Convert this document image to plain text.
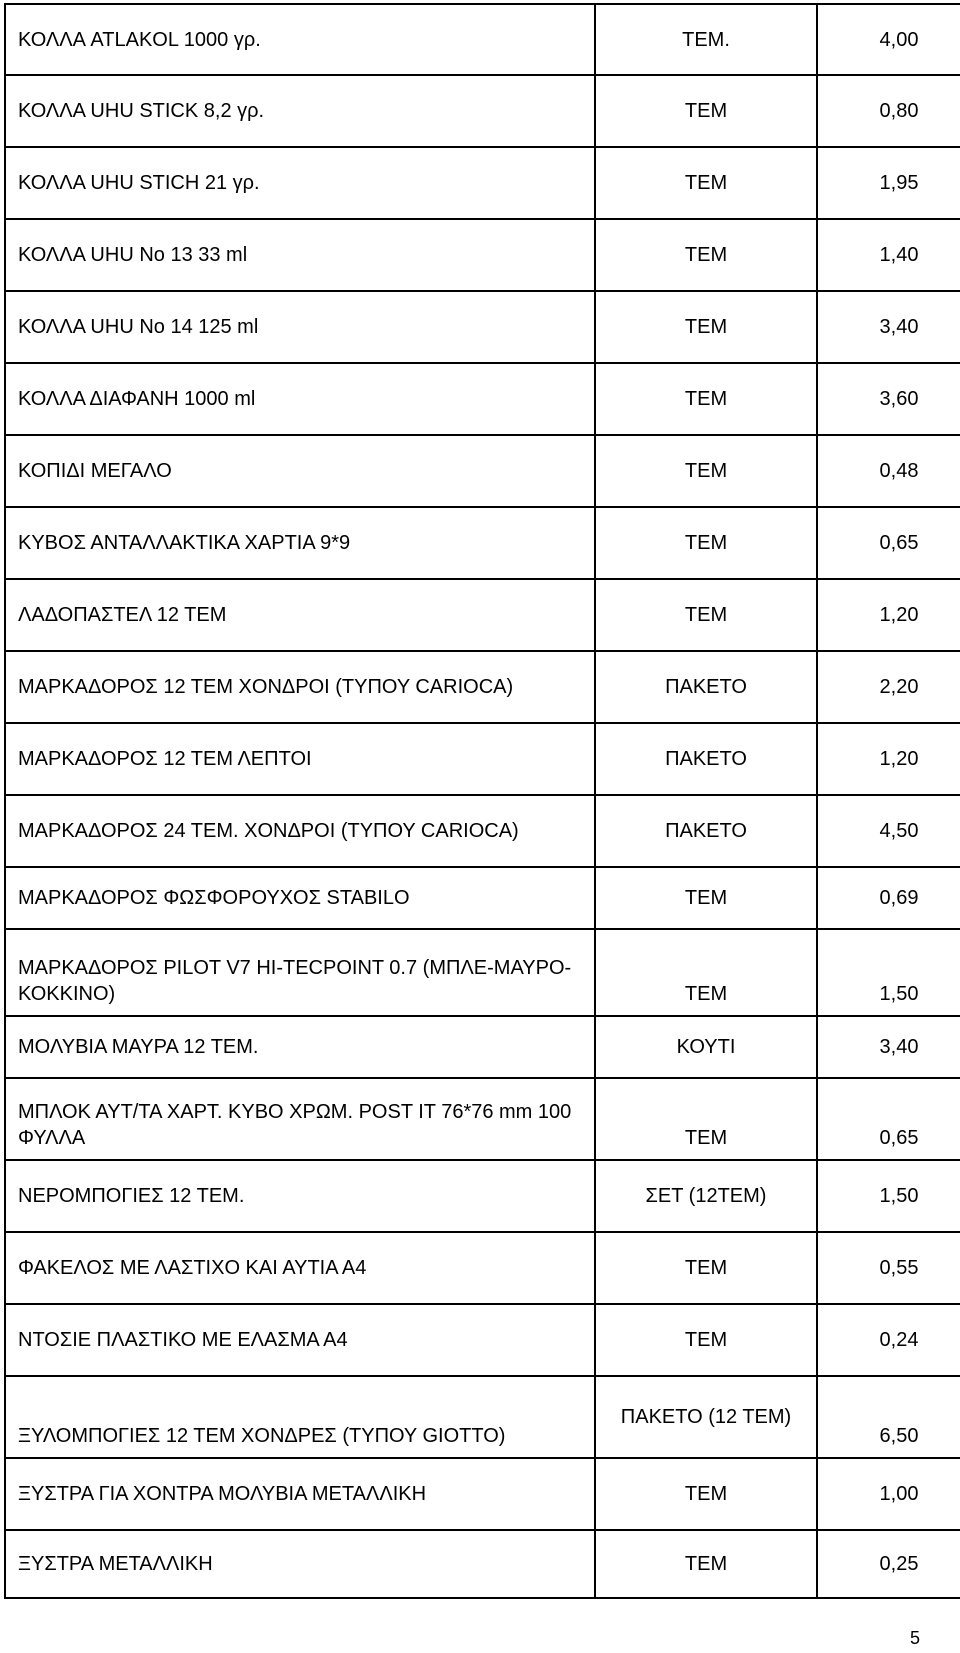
ΚΟΛΛΑ ATLAKOL 1000 γρ.	ΤΕΜ.	4,00
ΚΟΛΛΑ UHU STICK 8,2 γρ.	ΤΕΜ	0,80
ΚΟΛΛΑ UHU STICH 21 γρ.	ΤΕΜ	1,95
ΚΟΛΛΑ UHU No 13 33 ml	ΤΕΜ	1,40
ΚΟΛΛΑ UHU No 14 125 ml	ΤΕΜ	3,40
ΚΟΛΛΑ ΔΙΑΦΑΝΗ 1000 ml	ΤΕΜ	3,60
ΚΟΠΙΔΙ ΜΕΓΑΛΟ	ΤΕΜ	0,48
ΚΥΒΟΣ ΑΝΤΑΛΛΑΚΤΙΚΑ ΧΑΡΤΙΑ 9*9	ΤΕΜ	0,65
ΛΑΔΟΠΑΣΤΕΛ 12 ΤΕΜ	ΤΕΜ	1,20
ΜΑΡΚΑΔΟΡΟΣ 12 ΤΕΜ ΧΟΝΔΡΟΙ (ΤΥΠΟΥ CARIOCA)	ΠΑΚΕΤΟ	2,20
ΜΑΡΚΑΔΟΡΟΣ 12 ΤΕΜ ΛΕΠΤΟΙ	ΠΑΚΕΤΟ	1,20
ΜΑΡΚΑΔΟΡΟΣ 24 ΤΕΜ. ΧΟΝΔΡΟΙ (ΤΥΠΟΥ CARIOCA)	ΠΑΚΕΤΟ	4,50
ΜΑΡΚΑΔΟΡΟΣ ΦΩΣΦΟΡΟΥΧΟΣ STABILO	ΤΕΜ	0,69
ΜΑΡΚΑΔΟΡΟΣ PILOT V7 HI-TECPOINT 0.7 (ΜΠΛΕ-ΜΑΥΡΟ-ΚΟΚΚΙΝΟ)	ΤΕΜ	1,50
ΜΟΛΥΒΙΑ ΜΑΥΡΑ 12 ΤΕΜ.	ΚΟΥΤΙ	3,40
ΜΠΛΟΚ ΑΥΤ/ΤΑ ΧΑΡΤ. ΚΥΒΟ ΧΡΩΜ. POST IT 76*76 mm 100 ΦΥΛΛΑ	ΤΕΜ	0,65
ΝΕΡΟΜΠΟΓΙΕΣ 12 ΤΕΜ.	ΣΕΤ (12ΤΕΜ)	1,50
ΦΑΚΕΛΟΣ ΜΕ ΛΑΣΤΙΧΟ ΚΑΙ ΑΥΤΙΑ Α4	ΤΕΜ	0,55
ΝΤΟΣΙΕ ΠΛΑΣΤΙΚΟ ΜΕ ΕΛΑΣΜΑ Α4	ΤΕΜ	0,24
ΞΥΛΟΜΠΟΓΙΕΣ 12 ΤΕΜ ΧΟΝΔΡΕΣ (ΤΥΠΟΥ GIOTTO)	ΠΑΚΕΤΟ (12 ΤΕΜ)	6,50
ΞΥΣΤΡΑ ΓΙΑ ΧΟΝΤΡΑ ΜΟΛΥΒΙΑ ΜΕΤΑΛΛΙΚΗ	ΤΕΜ	1,00
ΞΥΣΤΡΑ ΜΕΤΑΛΛΙΚΗ	ΤΕΜ	0,25
5
